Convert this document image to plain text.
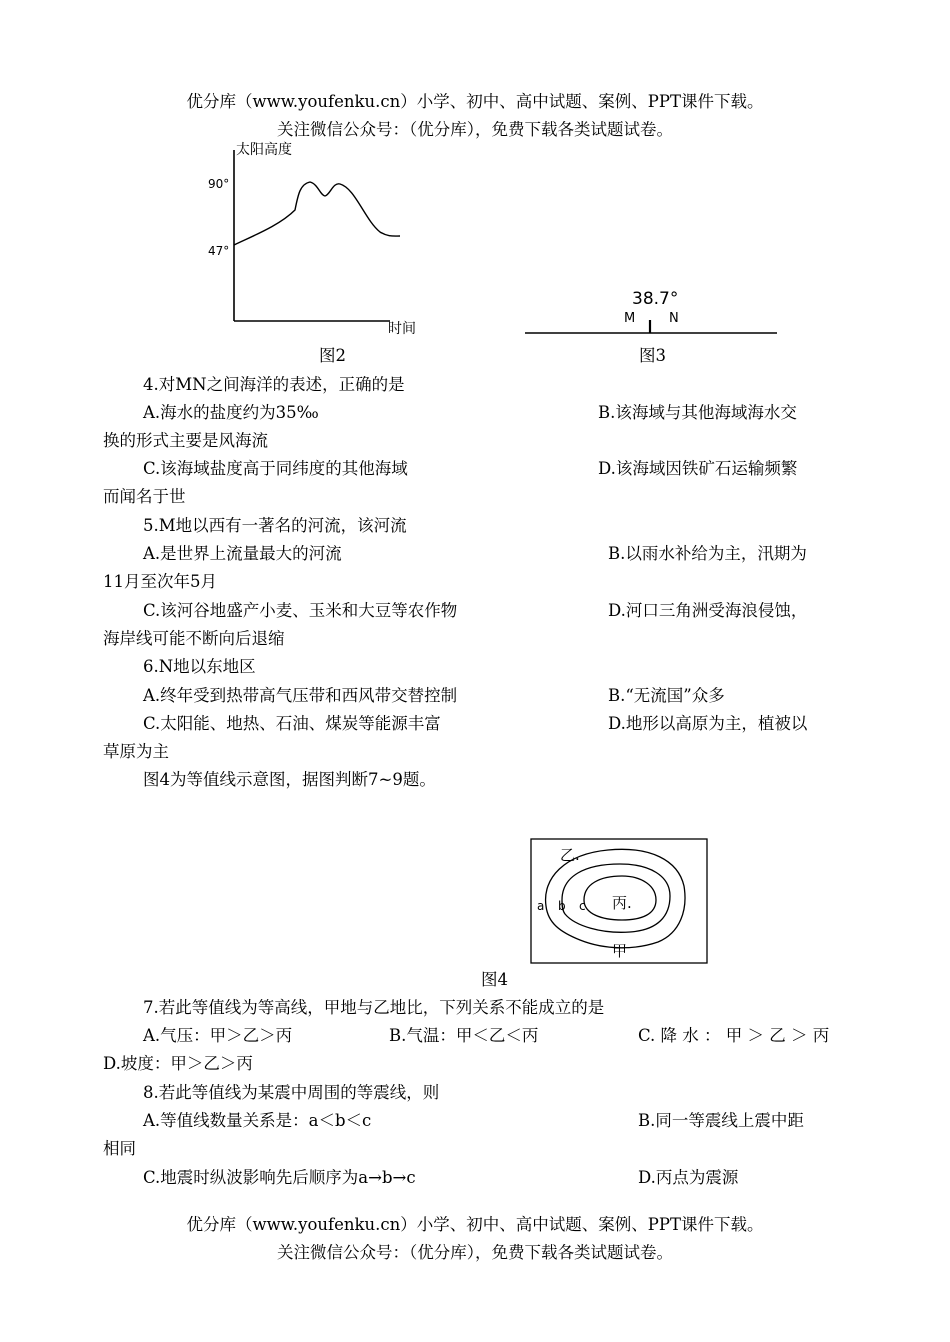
优分库（www.youfenku.cn）小学、初中、高中试题、案例、PPT课件下载。
关注微信公众号：（优分库），免费下载各类试题试卷。
太阳高度
时间
90°
47°
图2
38.7°
M	N
图3
4.对MN之间海洋的表述，正确的是
A.海水的盐度约为35‰	B.该海域与其他海域海水交
换的形式主要是风海流
C.该海域盐度高于同纬度的其他海域	D.该海域因铁矿石运输频繁
而闻名于世
5.M地以西有一著名的河流，该河流
A.是世界上流量最大的河流	B.以雨水补给为主，汛期为
11月至次年5月
C.该河谷地盛产小麦、玉米和大豆等农作物	D.河口三角洲受海浪侵蚀，
海岸线可能不断向后退缩
6.N地以东地区
A.终年受到热带高气压带和西风带交替控制	B.“无流国”众多
C.太阳能、地热、石油、煤炭等能源丰富	D.地形以高原为主，植被以
草原为主
图4为等值线示意图，据图判断7~9题。
乙.
丙.
甲
a b c
图4
7.若此等值线为等高线，甲地与乙地比，下列关系不能成立的是
A.气压：甲＞乙＞丙	B.气温：甲＜乙＜丙	C. 降 水 ： 甲 ＞ 乙 ＞ 丙
D.坡度：甲＞乙＞丙
8.若此等值线为某震中周围的等震线，则
A.等值线数量关系是：a＜b＜c	B.同一等震线上震中距
相同
C.地震时纵波影响先后顺序为a→b→c	D.丙点为震源
优分库（www.youfenku.cn）小学、初中、高中试题、案例、PPT课件下载。
关注微信公众号：（优分库），免费下载各类试题试卷。
